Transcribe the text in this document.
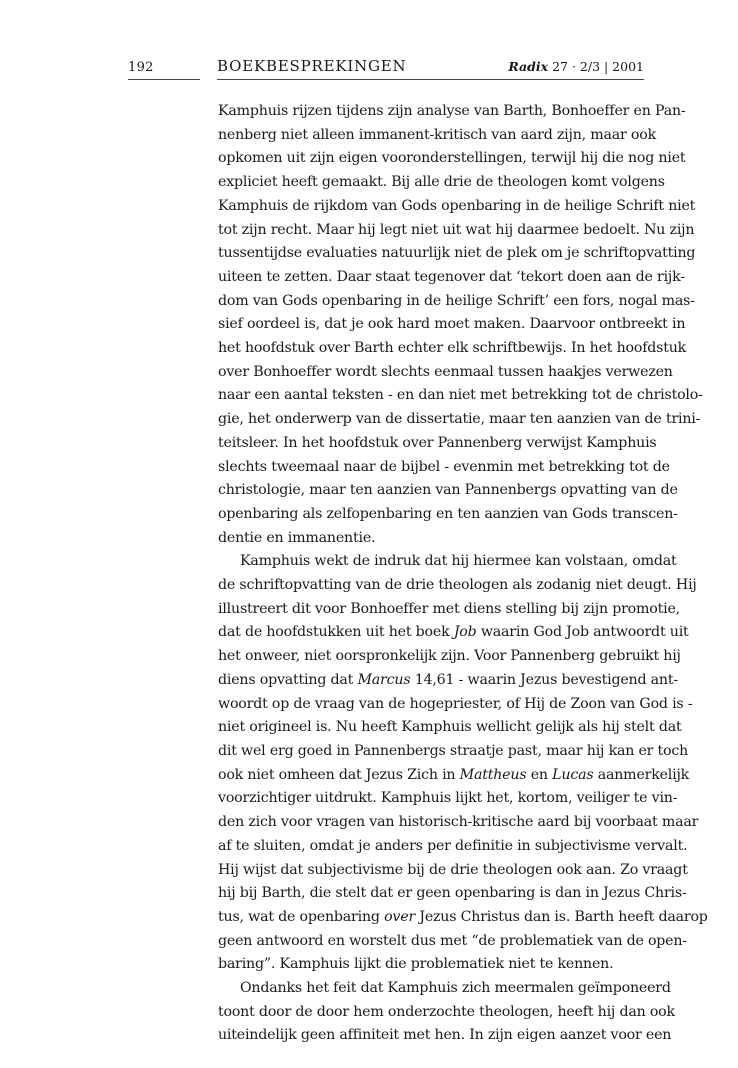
192	BOEKBESPREKINGEN	Radix 27 · 2/3 | 2001
Kamphuis rijzen tijdens zijn analyse van Barth, Bonhoeffer en Pan-
nenberg niet alleen immanent-kritisch van aard zijn, maar ook
opkomen uit zijn eigen vooronderstellingen, terwijl hij die nog niet
expliciet heeft gemaakt. Bij alle drie de theologen komt volgens
Kamphuis de rijkdom van Gods openbaring in de heilige Schrift niet
tot zijn recht. Maar hij legt niet uit wat hij daarmee bedoelt. Nu zijn
tussentijdse evaluaties natuurlijk niet de plek om je schriftopvatting
uiteen te zetten. Daar staat tegenover dat ‘tekort doen aan de rijk-
dom van Gods openbaring in de heilige Schrift’ een fors, nogal mas-
sief oordeel is, dat je ook hard moet maken. Daarvoor ontbreekt in
het hoofdstuk over Barth echter elk schriftbewijs. In het hoofdstuk
over Bonhoeffer wordt slechts eenmaal tussen haakjes verwezen
naar een aantal teksten - en dan niet met betrekking tot de christolo-
gie, het onderwerp van de dissertatie, maar ten aanzien van de trini-
teitsleer. In het hoofdstuk over Pannenberg verwijst Kamphuis
slechts tweemaal naar de bijbel - evenmin met betrekking tot de
christologie, maar ten aanzien van Pannenbergs opvatting van de
openbaring als zelfopenbaring en ten aanzien van Gods transcen-
dentie en immanentie.
Kamphuis wekt de indruk dat hij hiermee kan volstaan, omdat
de schriftopvatting van de drie theologen als zodanig niet deugt. Hij
illustreert dit voor Bonhoeffer met diens stelling bij zijn promotie,
dat de hoofdstukken uit het boek Job waarin God Job antwoordt uit
het onweer, niet oorspronkelijk zijn. Voor Pannenberg gebruikt hij
diens opvatting dat Marcus 14,61 - waarin Jezus bevestigend ant-
woordt op de vraag van de hogepriester, of Hij de Zoon van God is -
niet origineel is. Nu heeft Kamphuis wellicht gelijk als hij stelt dat
dit wel erg goed in Pannenbergs straatje past, maar hij kan er toch
ook niet omheen dat Jezus Zich in Mattheus en Lucas aanmerkelijk
voorzichtiger uitdrukt. Kamphuis lijkt het, kortom, veiliger te vin-
den zich voor vragen van historisch-kritische aard bij voorbaat maar
af te sluiten, omdat je anders per definitie in subjectivisme vervalt.
Hij wijst dat subjectivisme bij de drie theologen ook aan. Zo vraagt
hij bij Barth, die stelt dat er geen openbaring is dan in Jezus Chris-
tus, wat de openbaring over Jezus Christus dan is. Barth heeft daarop
geen antwoord en worstelt dus met “de problematiek van de open-
baring”. Kamphuis lijkt die problematiek niet te kennen.
Ondanks het feit dat Kamphuis zich meermalen geïmponeerd
toont door de door hem onderzochte theologen, heeft hij dan ook
uiteindelijk geen affiniteit met hen. In zijn eigen aanzet voor een
